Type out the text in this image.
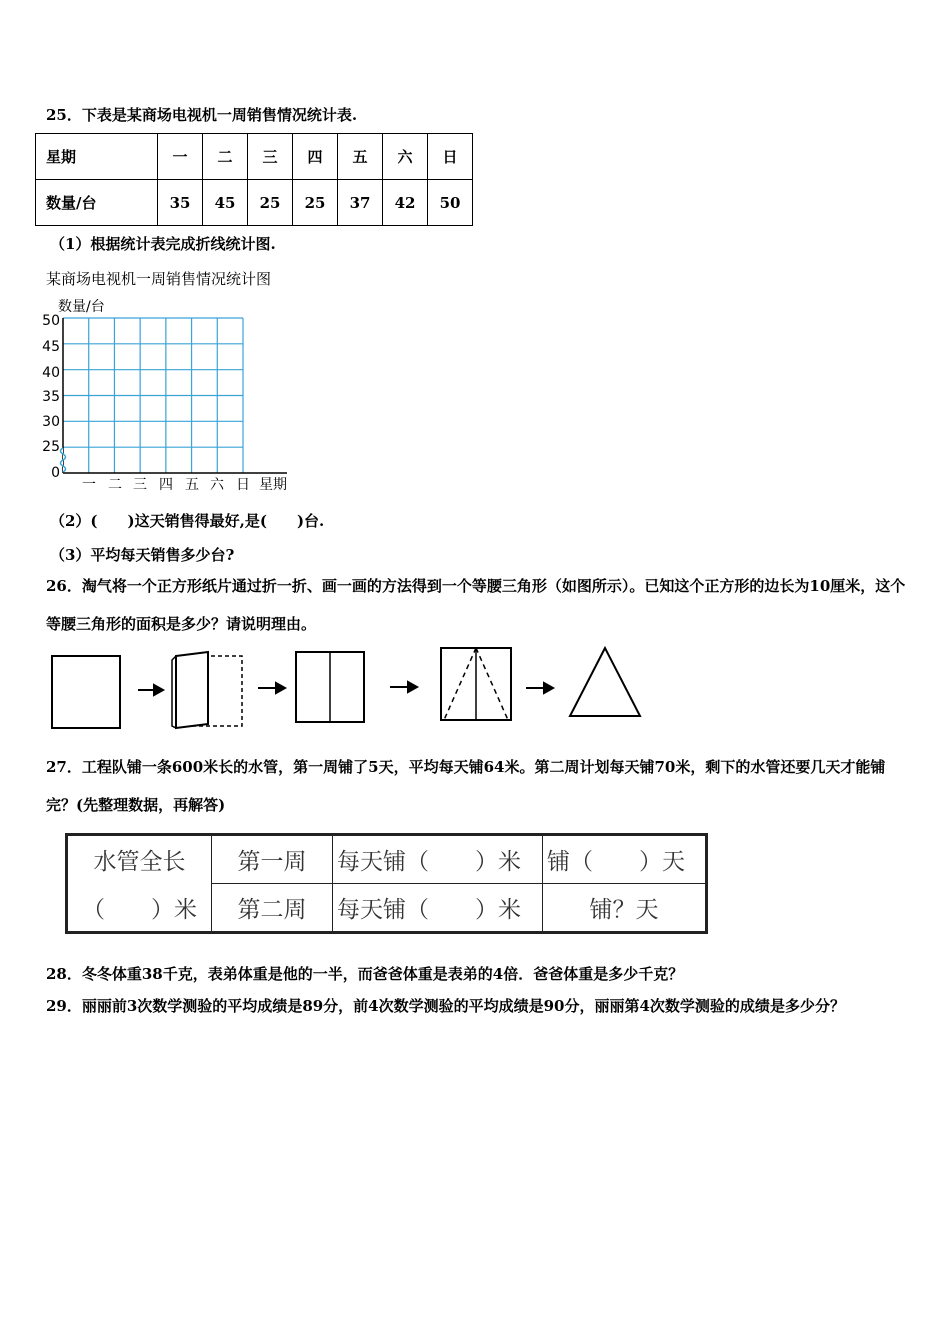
25．下表是某商场电视机一周销售情况统计表.
星期	一	二	三	四	五	六	日
数量/台	35	45	25	25	37	42	50
（1）根据统计表完成折线统计图.
某商场电视机一周销售情况统计图
数量/台
50
45
40
35
30
25
0
一 二 三 四 五 六 日 星期
（2）(　　)这天销售得最好,是(　　)台.
（3）平均每天销售多少台?
26．淘气将一个正方形纸片通过折一折、画一画的方法得到一个等腰三角形（如图所示）。已知这个正方形的边长为10厘米，这个等腰三角形的面积是多少？请说明理由。
27．工程队铺一条600米长的水管，第一周铺了5天，平均每天铺64米。第二周计划每天铺70米，剩下的水管还要几天才能铺完？(先整理数据，再解答)
水管全长	第一周	每天铺（　　）米	铺（　　）天
（　　）米	第二周	每天铺（　　）米	铺？天
28．冬冬体重38千克，表弟体重是他的一半，而爸爸体重是表弟的4倍．爸爸体重是多少千克？
29．丽丽前3次数学测验的平均成绩是89分，前4次数学测验的平均成绩是90分，丽丽第4次数学测验的成绩是多少分？
